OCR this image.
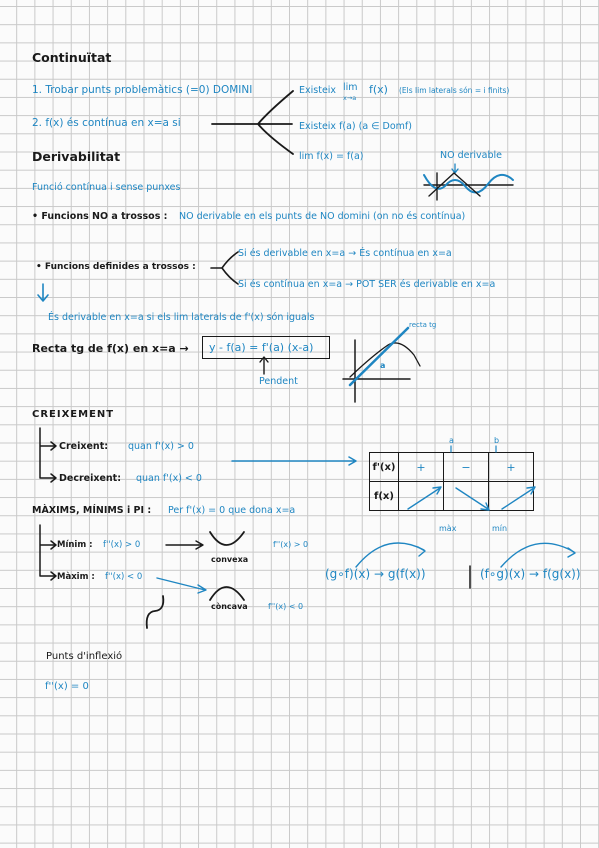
Continuïtat
1. Trobar punts problemàtics (=0) DOMINI
2. f(x) és contínua en x=a si
Existeix lim
x→a
f(x) (Els lim laterals són = i finits)
Existeix f(a) (a ∈ Domf)
lim f(x) = f(a)
Derivabilitat
Funció contínua i sense punxes
NO derivable
• Funcions NO a trossos : NO derivable en els punts de NO domini (on no és contínua)
• Funcions definides a trossos :
Si és derivable en x=a → És contínua en x=a
Si és contínua en x=a → POT SER és derivable en x=a
És derivable en x=a si els lim laterals de f'(x) són iguals
Recta tg de f(x) en x=a → y - f(a) = f'(a) (x-a)
Pendent
recta tg
a
CREIXEMENT
Creixent: quan f'(x) > 0
Decreixent: quan f'(x) < 0
a	b
f'(x)	+	−	+
f(x)			
màx	mín
MÀXIMS, MÍNIMS i PI : Per f'(x) = 0 que dona x=a
Mínim : f''(x) > 0
Màxim : f''(x) < 0
convexa
f''(x) > 0
còncava	f''(x) < 0
(g∘f)(x) → g(f(x))	(f∘g)(x) → f(g(x))
Punts d'inflexió
f''(x) = 0
